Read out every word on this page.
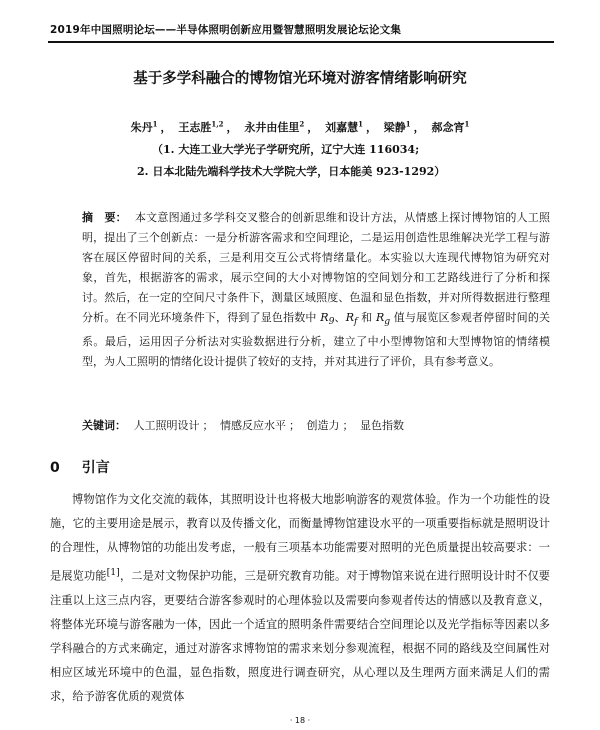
2019年中国照明论坛——半导体照明创新应用暨智慧照明发展论坛论文集
基于多学科融合的博物馆光环境对游客情绪影响研究
朱丹$^1$ ， 王志胜$^{1,2}$ ， 永井由佳里$^2$ ， 刘嘉慧$^1$ ， 梁静$^1$ ， 郝念宵$^1$
（1. 大连工业大学光子学研究所，辽宁大连 116034;
2. 日本北陆先端科学技术大学院大学，日本能美 923-1292）
摘　要： 本文意图通过多学科交叉整合的创新思维和设计方法，从情感上探讨博物馆的人工照明，提出了三个创新点：一是分析游客需求和空间理论，二是运用创造性思维解决光学工程与游客在展区停留时间的关系，三是利用交互公式将情绪量化。本实验以大连现代博物馆为研究对象，首先，根据游客的需求，展示空间的大小对博物馆的空间划分和工艺路线进行了分析和探讨。然后，在一定的空间尺寸条件下，测量区域照度、色温和显色指数，并对所得数据进行整理分析。在不同光环境条件下，得到了显色指数中 $R_9$、$R_f$ 和 $R_g$ 值与展览区参观者停留时间的关系。最后，运用因子分析法对实验数据进行分析，建立了中小型博物馆和大型博物馆的情绪模型，为人工照明的情绪化设计提供了较好的支持，并对其进行了评价，具有参考意义。
关键词： 人工照明设计 ； 情感反应水平 ； 创造力 ； 显色指数
0 引言
博物馆作为文化交流的载体，其照明设计也将极大地影响游客的观赏体验。作为一个功能性的设施，它的主要用途是展示，教育以及传播文化，而衡量博物馆建设水平的一项重要指标就是照明设计的合理性，从博物馆的功能出发考虑，一般有三项基本功能需要对照明的光色质量提出较高要求：一是展览功能[1]，二是对文物保护功能，三是研究教育功能。对于博物馆来说在进行照明设计时不仅要注重以上这三点内容，更要结合游客参观时的心理体验以及需要向参观者传达的情感以及教育意义，将整体光环境与游客融为一体，因此一个适宜的照明条件需要结合空间理论以及光学指标等因素以多学科融合的方式来确定，通过对游客求博物馆的需求来划分参观流程，根据不同的路线及空间属性对相应区域光环境中的色温，显色指数，照度进行调查研究，从心理以及生理两方面来满足人们的需求，给予游客优质的观赏体
· 18 ·
